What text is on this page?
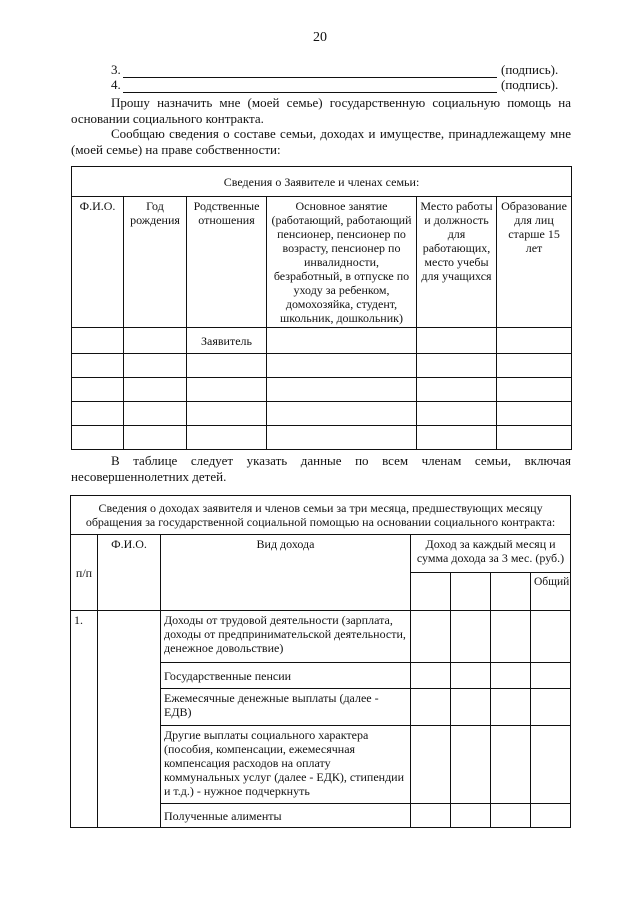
20
3.	(подпись).
4.	(подпись).
Прошу назначить мне (моей семье) государственную социальную помощь на основании социального контракта.
Сообщаю сведения о составе семьи, доходах и имуществе, принадлежащему мне (моей семье) на праве собственности:
Сведения о Заявителе и членах семьи:					
Ф.И.О.	Год рождения	Родственные отношения	Основное занятие (работающий, работающий пенсионер, пенсионер по возрасту, пенсионер по инвалидности, безработный, в отпуске по уходу за ребенком, домохозяйка, студент, школьник, дошкольник)	Место работы и должность для работающих, место учебы для учащихся	Образование для лиц старше 15 лет
		Заявитель			

В таблице следует указать данные по всем членам семьи, включая несовершеннолетних детей.
Сведения о доходах заявителя и членов семьи за три месяца, предшествующих месяцу обращения за государственной социальной помощью на основании социального контракта:						
п/п	Ф.И.О.	Вид дохода	Доход за каждый месяц и сумма дохода за 3 мес. (руб.)			
						Общий
1.		Доходы от трудовой деятельности (зарплата, доходы от предпринимательской деятельности, денежное довольствие)				
		Государственные пенсии				
		Ежемесячные денежные выплаты (далее - ЕДВ)				
		Другие выплаты социального характера (пособия, компенсации, ежемесячная компенсация расходов на оплату коммунальных услуг (далее - ЕДК), стипендии и т.д.) - нужное подчеркнуть				
		Полученные алименты				
